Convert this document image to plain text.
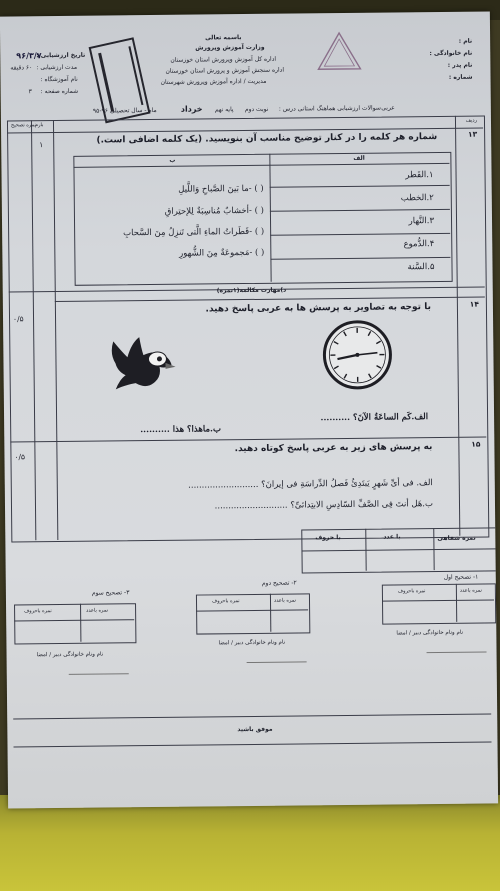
باسمه تعالی
وزارت آموزش وپرورش
اداره کل آموزش وپرورش استان خوزستان
اداره سنجش آموزش و پرورش استان خوزستان
مدیریت / اداره آموزش وپرورش شهرستان
نام :
نام خانوادگی :
نام پدر :
شماره :
تاریخ ارزشیابی :
۹۶/۳/۷
مدت ارزشیابی :
۶۰ دقیقه
نام آموزشگاه :
شماره صفحه :
۳
سوالات ارزشیابی هماهنگ استانی درس : عربی
نوبت دوم
پایه نهم
خرداد
ماه - سال تحصیلی ۹۶-۹۵
نمره تصحیح
بارم
ردیف
۱۳
۱	شماره هر کلمه را در کنار توضیح مناسب آن بنویسید. (یک کلمه اضافی است.)
الف
ب
۱.القَطر
۲.الخطب
۳.النَّهار
۴.الدُّموع
۵.السَّنة
( ) -ما بَینَ الصَّباحِ وَاللَّیلِ
( ) -أخشابٌ مُناسِبَةٌ لِلإحتِراقِ
( ) -قَطَراتُ الماءِ الَّتی تَنزِلُ مِنَ السَّحابِ
( ) -مَجموعَةٌ مِنَ الشُّهورِ
د)مهارت مکالمه(۱نمره)
۱۴
۰/۵
با توجه به تصاویر به پرسش ها به عربی پاسخ دهید.
الف.کَم الساعَةُ الآنَ؟ ..........
ب.ماهذا؟ هذا ..........
۱۵
۰/۵
به پرسش های زیر به عربی پاسخ کوتاه دهید.
الف. فی أیِّ شَهرٍ یَبتَدِئُ فَصلُ الدِّراسَةِ فی إیرانَ؟ ..........................
ب.هَل أنتَ فِی الصَّفِّ السّادِسِ الابتِدائیِّ؟ ...........................
نمره شفاهی
با عدد
با حروف
۱- تصحیح اول
۲- تصحیح دوم
۳- تصحیح سوم	نمره باعدد
نمره باحروف
نمره باعدد
نمره باحروف
نمره باعدد
نمره باحروف
نام ونام خانوادگی دبیر / امضا
نام ونام خانوادگی دبیر / امضا
نام ونام خانوادگی دبیر / امضا
موفق باشید
